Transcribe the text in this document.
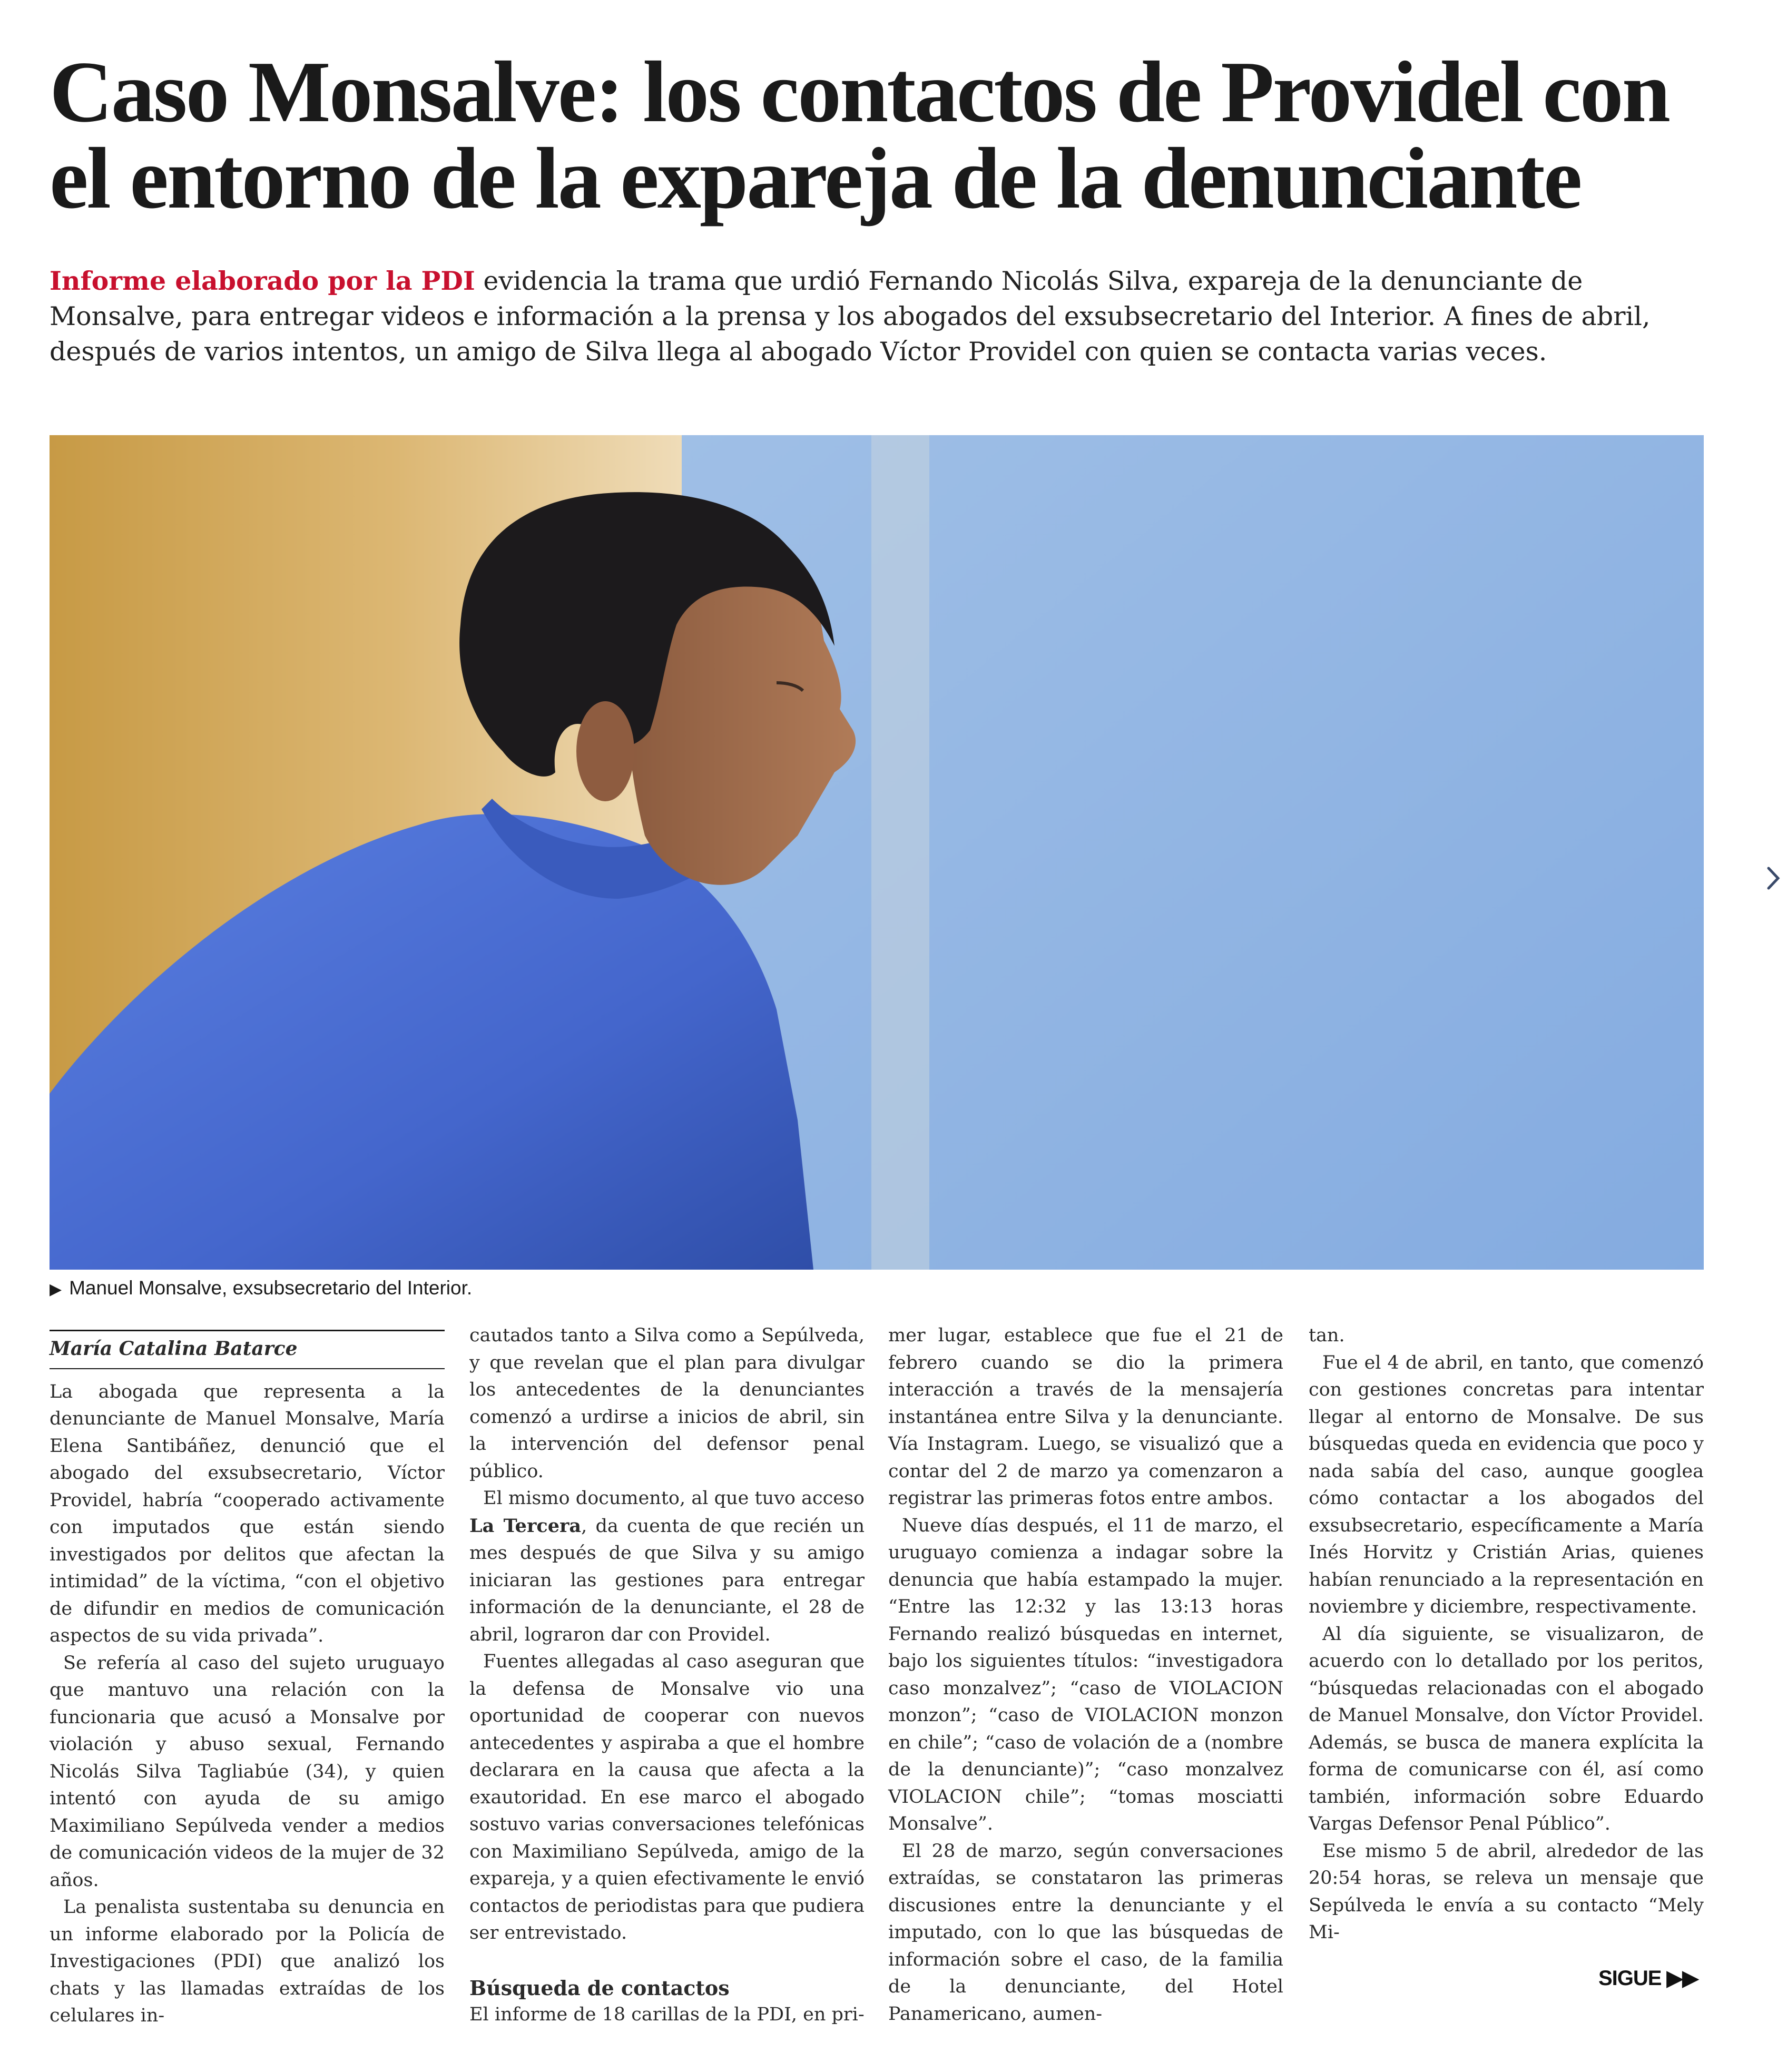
Caso Monsalve: los contactos de Providel con el entorno de la expareja de la denunciante

Informe elaborado por la PDI evidencia la trama que urdió Fernando Nicolás Silva, expareja de la denunciante de Monsalve, para entregar videos e información a la prensa y los abogados del exsubsecretario del Interior. A fines de abril, después de varios intentos, un amigo de Silva llega al abogado Víctor Providel con quien se contacta varias veces.

▶ Manuel Monsalve, exsubsecretario del Interior.
María Catalina Batarce

La abogada que representa a la denunciante de Manuel Monsalve, María Elena Santibáñez, denunció que el abogado del exsubsecretario, Víctor Providel, habría “cooperado activamente con imputados que están siendo investigados por delitos que afectan la intimidad” de la víctima, “con el objetivo de difundir en medios de comunicación aspectos de su vida privada”.

Se refería al caso del sujeto uruguayo que mantuvo una relación con la funcionaria que acusó a Monsalve por violación y abuso sexual, Fernando Nicolás Silva Tagliabúe (34), y quien intentó con ayuda de su amigo Maximiliano Sepúlveda vender a medios de comunicación videos de la mujer de 32 años.

La penalista sustentaba su denuncia en un informe elaborado por la Policía de Investigaciones (PDI) que analizó los chats y las llamadas extraídas de los celulares in-

cautados tanto a Silva como a Sepúlveda, y que revelan que el plan para divulgar los antecedentes de la denunciantes comenzó a urdirse a inicios de abril, sin la intervención del defensor penal público.

El mismo documento, al que tuvo acceso La Tercera, da cuenta de que recién un mes después de que Silva y su amigo iniciaran las gestiones para entregar información de la denunciante, el 28 de abril, lograron dar con Providel.

Fuentes allegadas al caso aseguran que la defensa de Monsalve vio una oportunidad de cooperar con nuevos antecedentes y aspiraba a que el hombre declarara en la causa que afecta a la exautoridad. En ese marco el abogado sostuvo varias conversaciones telefónicas con Maximiliano Sepúlveda, amigo de la expareja, y a quien efectivamente le envió contactos de periodistas para que pudiera ser entrevistado.

Búsqueda de contactos

El informe de 18 carillas de la PDI, en pri-

mer lugar, establece que fue el 21 de febrero cuando se dio la primera interacción a través de la mensajería instantánea entre Silva y la denunciante. Vía Instagram. Luego, se visualizó que a contar del 2 de marzo ya comenzaron a registrar las primeras fotos entre ambos.

Nueve días después, el 11 de marzo, el uruguayo comienza a indagar sobre la denuncia que había estampado la mujer. “Entre las 12:32 y las 13:13 horas Fernando realizó búsquedas en internet, bajo los siguientes títulos: “investigadora caso monzalvez”; “caso de VIOLACION monzon”; “caso de VIOLACION monzon en chile”; “caso de volación de a (nombre de la denunciante)”; “caso monzalvez VIOLACION chile”; “tomas mosciatti Monsalve”.

El 28 de marzo, según conversaciones extraídas, se constataron las primeras discusiones entre la denunciante y el imputado, con lo que las búsquedas de información sobre el caso, de la familia de la denunciante, del Hotel Panamericano, aumen-

tan.

Fue el 4 de abril, en tanto, que comenzó con gestiones concretas para intentar llegar al entorno de Monsalve. De sus búsquedas queda en evidencia que poco y nada sabía del caso, aunque googlea cómo contactar a los abogados del exsubsecretario, específicamente a María Inés Horvitz y Cristián Arias, quienes habían renunciado a la representación en noviembre y diciembre, respectivamente.

Al día siguiente, se visualizaron, de acuerdo con lo detallado por los peritos, “búsquedas relacionadas con el abogado de Manuel Monsalve, don Víctor Providel. Además, se busca de manera explícita la forma de comunicarse con él, así como también, información sobre Eduardo Vargas Defensor Penal Público”.

Ese mismo 5 de abril, alrededor de las 20:54 horas, se releva un mensaje que Sepúlveda le envía a su contacto “Mely Mi-

SIGUE ▶▶
